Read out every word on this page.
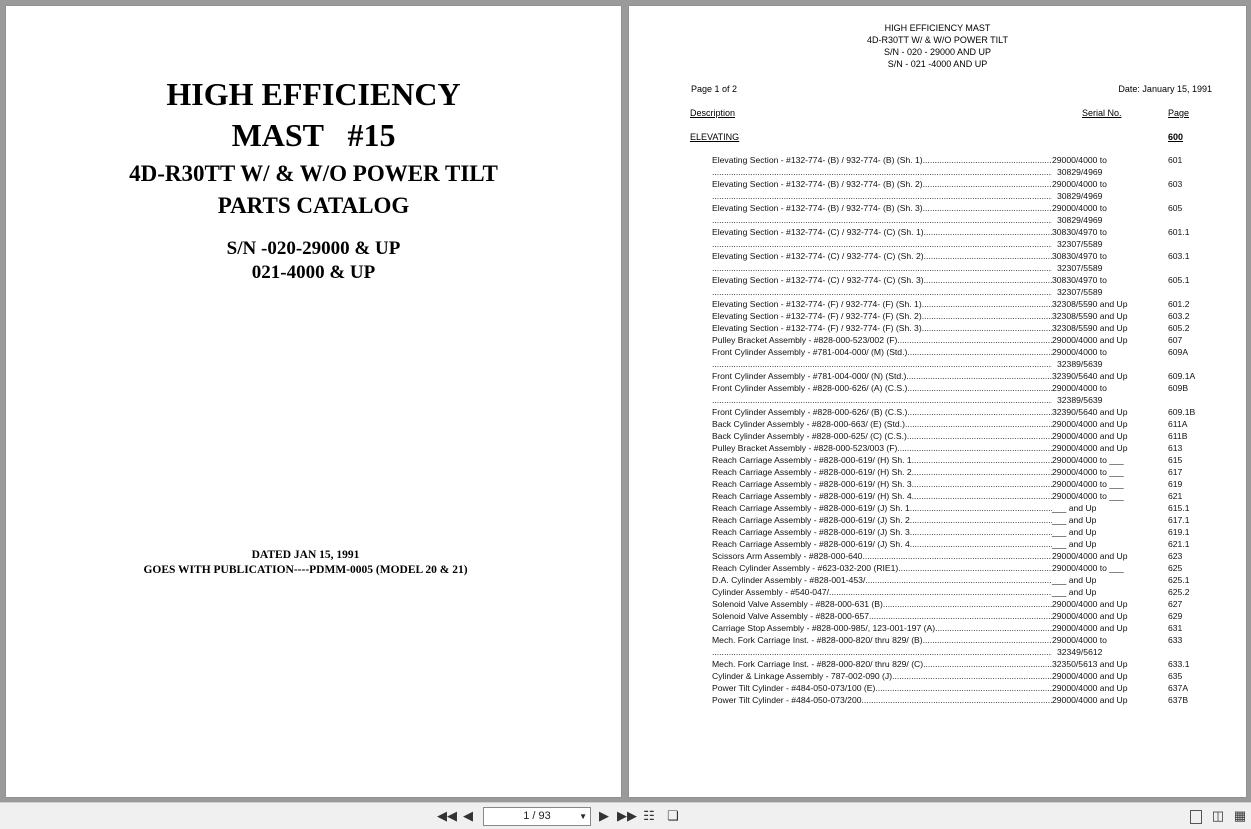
HIGH EFFICIENCY
MAST   #15
4D-R30TT W/ & W/O POWER TILT
PARTS CATALOG
S/N -020-29000 & UP
021-4000 & UP
DATED JAN 15, 1991
GOES WITH PUBLICATION----PDMM-0005 (MODEL 20 & 21)
HIGH EFFICIENCY MAST
4D-R30TT W/ & W/O POWER TILT
S/N - 020 - 29000 AND UP
S/N - 021 -4000 AND UP
Page 1 of 2	Date: January 15, 1991
Description	Serial No.	Page
ELEVATING	600
Elevating Section - #132-774- (B) / 932-774- (B) (Sh. 1) .....	29000/4000 to	601
.....
30829/4969
Elevating Section - #132-774- (B) / 932-774- (B) (Sh. 2) .....	29000/4000 to	603
.....
30829/4969
Elevating Section - #132-774- (B) / 932-774- (B) (Sh. 3) .....	29000/4000 to	605
.....
30829/4969
Elevating Section - #132-774- (C) / 932-774- (C) (Sh. 1) .....	30830/4970 to	601.1
.....
32307/5589
Elevating Section - #132-774- (C) / 932-774- (C) (Sh. 2) .....	30830/4970 to	603.1
.....
32307/5589
Elevating Section - #132-774- (C) / 932-774- (C) (Sh. 3) .....	30830/4970 to	605.1
.....
32307/5589
Elevating Section - #132-774- (F) / 932-774- (F) (Sh. 1) .....	32308/5590 and Up	601.2
Elevating Section - #132-774- (F) / 932-774- (F) (Sh. 2) .....	32308/5590 and Up	603.2
Elevating Section - #132-774- (F) / 932-774- (F) (Sh. 3) .....	32308/5590 and Up	605.2
Pulley Bracket Assembly - #828-000-523/002 (F) .....	29000/4000 and Up	607
Front Cylinder Assembly - #781-004-000/ (M) (Std.) .....	29000/4000 to	609A
.....
32389/5639
Front Cylinder Assembly - #781-004-000/ (N) (Std.) .....	32390/5640 and Up	609.1A
Front Cylinder Assembly - #828-000-626/ (A) (C.S.) .....	29000/4000 to	609B
.....
32389/5639
Front Cylinder Assembly - #828-000-626/ (B) (C.S.) .....	32390/5640 and Up	609.1B
Back Cylinder Assembly - #828-000-663/ (E) (Std.) .....	29000/4000 and Up	611A
Back Cylinder Assembly - #828-000-625/ (C) (C.S.) .....	29000/4000 and Up	611B
Pulley Bracket Assembly - #828-000-523/003 (F) .....	29000/4000 and Up	613
Reach Carriage Assembly - #828-000-619/ (H) Sh. 1 .....	29000/4000 to ___	615
Reach Carriage Assembly - #828-000-619/ (H) Sh. 2 .....	29000/4000 to ___	617
Reach Carriage Assembly - #828-000-619/ (H) Sh. 3 .....	29000/4000 to ___	619
Reach Carriage Assembly - #828-000-619/ (H) Sh. 4 .....	29000/4000 to ___	621
Reach Carriage Assembly - #828-000-619/ (J) Sh. 1 .....	___ and Up	615.1
Reach Carriage Assembly - #828-000-619/ (J) Sh. 2 .....	___ and Up	617.1
Reach Carriage Assembly - #828-000-619/ (J) Sh. 3 .....	___ and Up	619.1
Reach Carriage Assembly - #828-000-619/ (J) Sh. 4 .....	___ and Up	621.1
Scissors Arm Assembly - #828-000-640 .....	29000/4000 and Up	623
Reach Cylinder Assembly - #623-032-200 (RIE1) .....	29000/4000 to ___	625
D.A. Cylinder Assembly - #828-001-453/ .....	___ and Up	625.1
Cylinder Assembly - #540-047/ .....	___ and Up	625.2
Solenoid Valve Assembly - #828-000-631 (B) .....	29000/4000 and Up	627
Solenoid Valve Assembly - #828-000-657 .....	29000/4000 and Up	629
Carriage Stop Assembly - #828-000-985/, 123-001-197 (A) .....	29000/4000 and Up	631
Mech. Fork Carriage Inst. - #828-000-820/ thru 829/ (B) .....	29000/4000 to	633
.....
32349/5612
Mech. Fork Carriage Inst. - #828-000-820/ thru 829/ (C) .....	32350/5613 and Up	633.1
Cylinder & Linkage Assembly - 787-002-090 (J) .....	29000/4000 and Up	635
Power Tilt Cylinder - #484-050-073/100 (E) .....	29000/4000 and Up	637A
Power Tilt Cylinder - #484-050-073/200 .....	29000/4000 and Up	637B
◀◀ ◀	1 / 93	▼ ▶ ▶▶ ☷ ❏	◫ ▦
